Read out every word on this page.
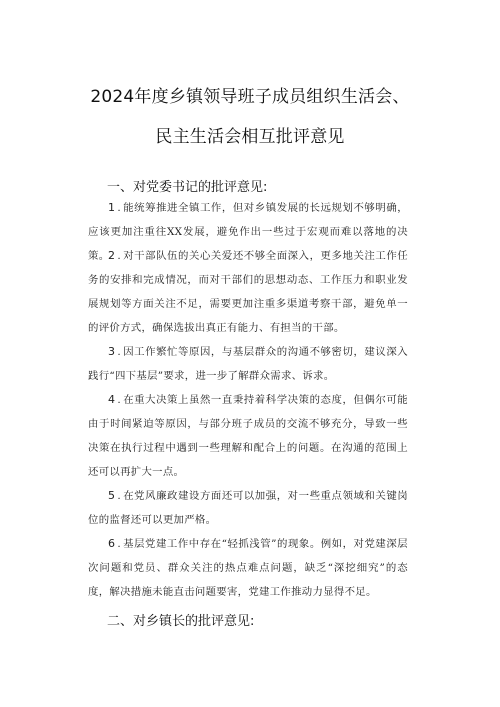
2024年度乡镇领导班子成员组织生活会、
民主生活会相互批评意见
一、对党委书记的批评意见:

1 . 能统筹推进全镇工作，但对乡镇发展的长远规划不够明确，应该更加注重往XX发展，避免作出一些过于宏观而难以落地的决策。

2 . 对干部队伍的关心关爱还不够全面深入，更多地关注工作任务的安排和完成情况，而对干部们的思想动态、工作压力和职业发展规划等方面关注不足，需要更加注重多渠道考察干部，避免单一的评价方式，确保选拔出真正有能力、有担当的干部。

3 . 因工作繁忙等原因，与基层群众的沟通不够密切，建议深入践行“四下基层”要求，进一步了解群众需求、诉求。

4 . 在重大决策上虽然一直秉持着科学决策的态度，但偶尔可能由于时间紧迫等原因，与部分班子成员的交流不够充分，导致一些决策在执行过程中遇到一些理解和配合上的问题。在沟通的范围上还可以再扩大一点。

5 . 在党风廉政建设方面还可以加强，对一些重点领域和关键岗位的监督还可以更加严格。

6 . 基层党建工作中存在“轻抓浅管”的现象。例如，对党建深层次问题和党员、群众关注的热点难点问题，缺乏“深挖细究”的态度，解决措施未能直击问题要害，党建工作推动力显得不足。

二、对乡镇长的批评意见:
